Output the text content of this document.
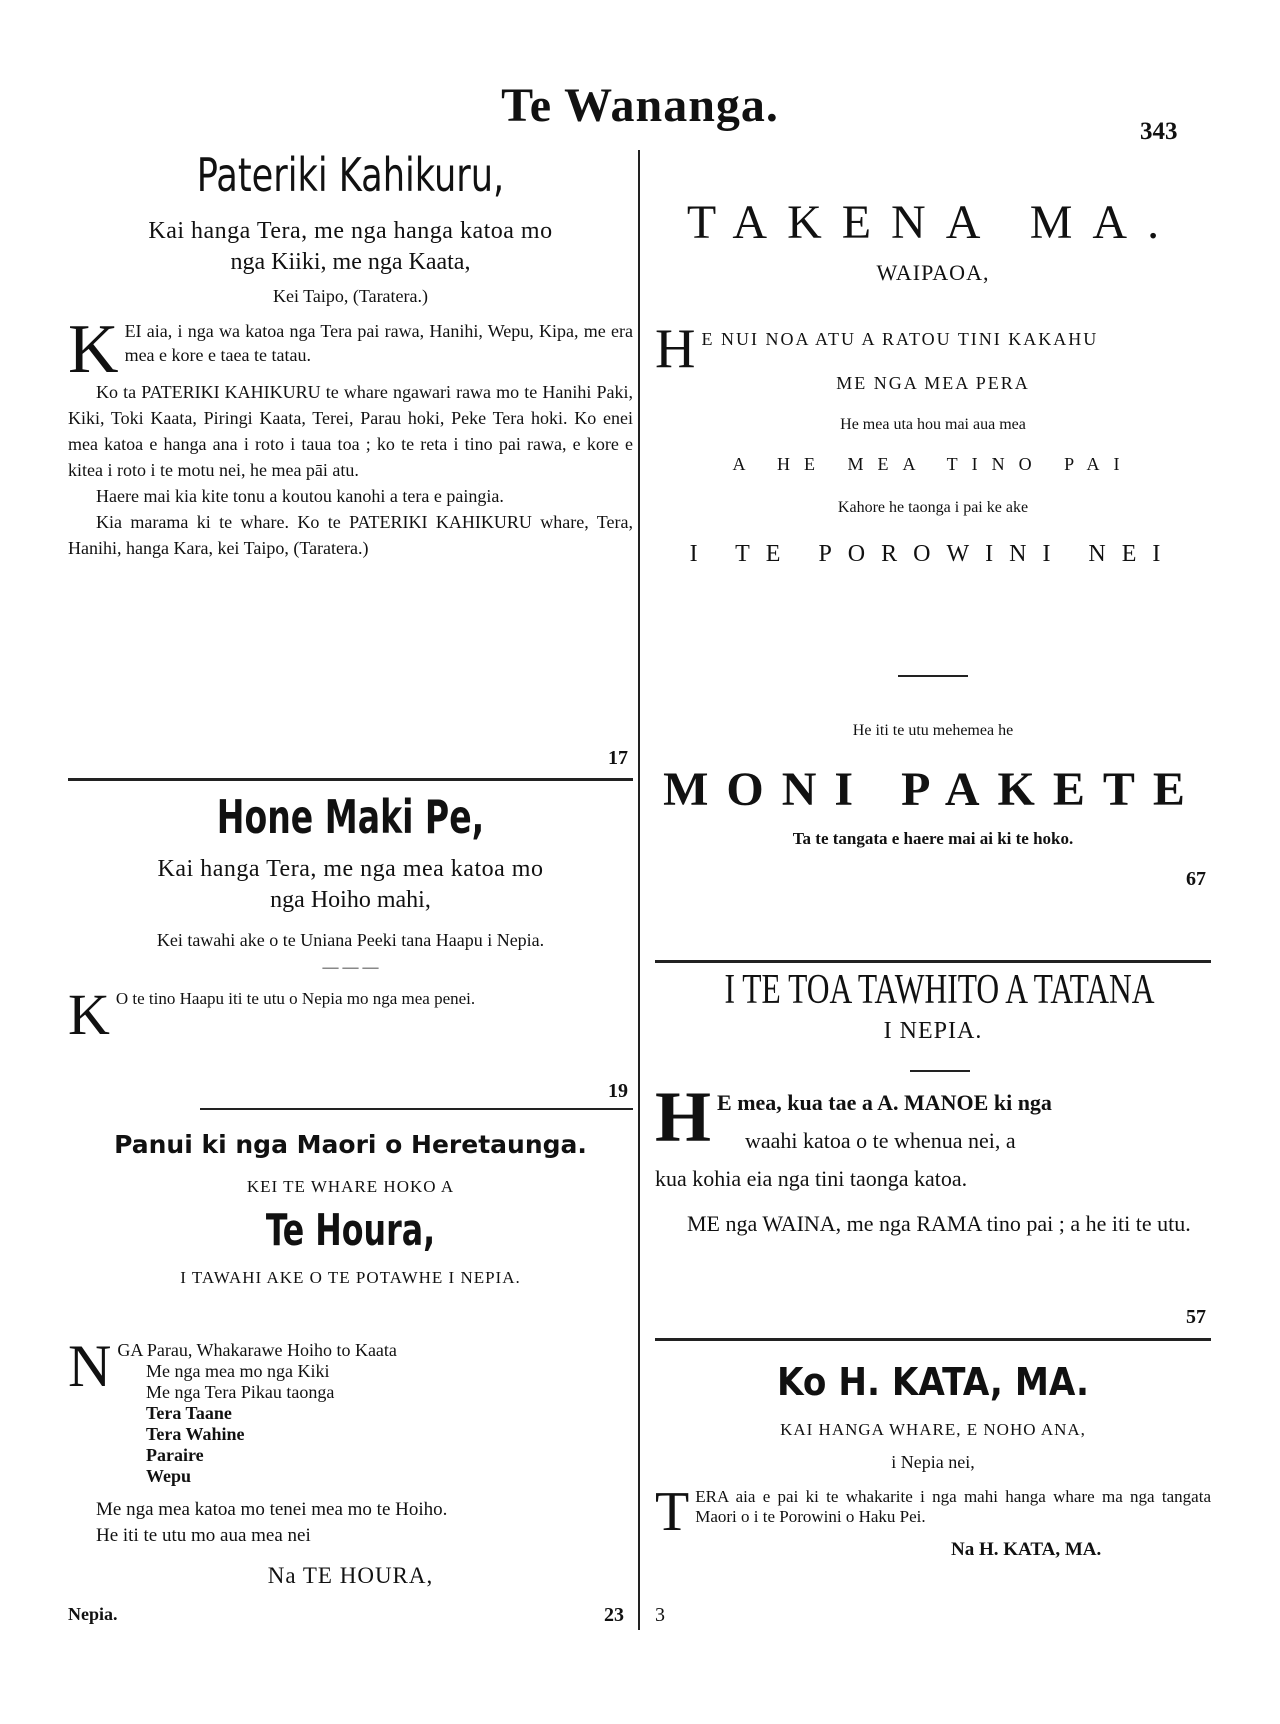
Te Wananga.	343
Pateriki Kahikuru,
Kai hanga Tera, me nga hanga katoa mo
nga Kiiki, me nga Kaata,
Kei Taipo, (Taratera.)
K EI aia, i nga wa katoa nga Tera pai rawa, Hanihi, Wepu, Kipa, me era mea e kore e taea te tatau.
Ko ta PATERIKI KAHIKURU te whare ngawari rawa mo te Hanihi Paki, Kiki, Toki Kaata, Piringi Kaata, Terei, Parau hoki, Peke Tera hoki. Ko enei mea katoa e hanga ana i roto i taua toa ; ko te reta i tino pai rawa, e kore e kitea i roto i te motu nei, he mea pāi atu.
Haere mai kia kite tonu a koutou kanohi a tera e paingia.
Kia marama ki te whare. Ko te PATERIKI KAHIKURU whare, Tera, Hanihi, hanga Kara, kei Taipo, (Taratera.)
17
Hone Maki Pe,
Kai hanga Tera, me nga mea katoa mo
nga Hoiho mahi,
Kei tawahi ake o te Uniana Peeki tana Haapu i Nepia.
— — —
K O te tino Haapu iti te utu o Nepia mo nga mea penei.
19
Panui ki nga Maori o Heretaunga.
KEI TE WHARE HOKO A
Te Houra,
I TAWAHI AKE O TE POTAWHE I NEPIA.
N GA Parau, Whakarawe Hoiho to Kaata
Me nga mea mo nga Kiki
Me nga Tera Pikau taonga
Tera Taane
Tera Wahine
Paraire
Wepu
Me nga mea katoa mo tenei mea mo te Hoiho.
He iti te utu mo aua mea nei
Na TE HOURA,
Nepia.	23
TAKENA MA.
WAIPAOA,
H E NUI NOA ATU A RATOU TINI KAKAHU
ME NGA MEA PERA
He mea uta hou mai aua mea
A HE MEA TINO PAI
Kahore he taonga i pai ke ake
I TE POROWINI NEI
He iti te utu mehemea he
MONI PAKETE
Ta te tangata e haere mai ai ki te hoko.
67
I TE TOA TAWHITO A TATANA
I NEPIA.
H E mea, kua tae a A. MANOE ki nga
waahi katoa o te whenua nei, a
kua kohia eia nga tini taonga katoa.
ME nga WAINA, me nga RAMA tino pai ; a he iti te utu.
57
Ko H. KATA, MA.
KAI HANGA WHARE, E NOHO ANA,
i Nepia nei,
T ERA aia e pai ki te whakarite i nga mahi hanga whare ma nga tangata Maori o i te Porowini o Haku Pei.
Na H. KATA, MA.
3
